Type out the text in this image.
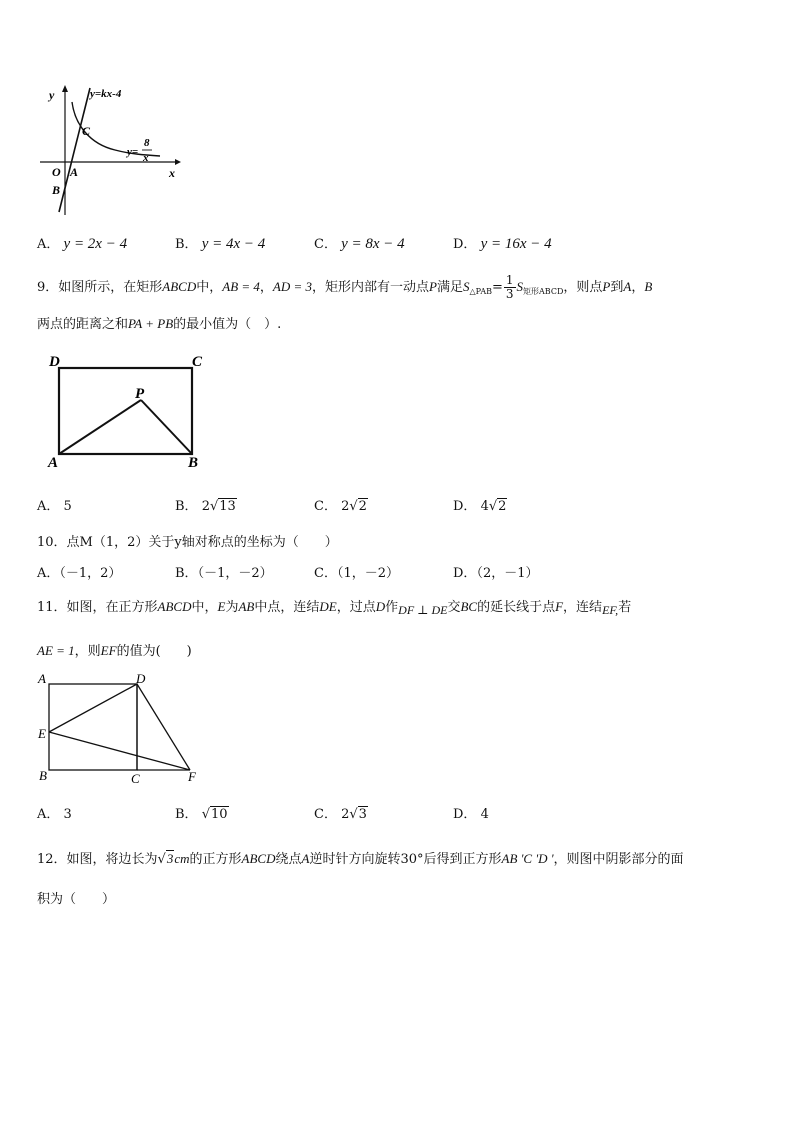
y	y=kx-4
C
y=
8
x
O A
B
x
A． y = 2x − 4	B． y = 4x − 4	C． y = 8x − 4	D． y = 16x − 4
9．如图所示，在矩形ABCD中，AB = 4，AD = 3，矩形内部有一动点P满足$S_{\triangle PAB}= \frac{1}{3} S_{矩形ABCD}$，则点P到A，B
两点的距离之和PA + PB的最小值为（　）.
D	C
P
A	B
A． 5	B． 2√13	C． 2√2	D． 4√2
10．点M（1，2）关于y轴对称点的坐标为（　　）
A．（－1，2）	B．（－1，－2）	C．（1，－2）	D．（2，－1）
11．如图，在正方形ABCD中，E为AB中点，连结DE，过点D作DF ⊥ DE交BC的延长线于点F，连结EF,若
AE = 1，则EF的值为(　　)
A	D
E
B	C	F
A． 3	B． √10	C． 2√3	D． 4
12．如图，将边长为√3cm的正方形ABCD绕点A逆时针方向旋转30°后得到正方形AB 'C 'D '，则图中阴影部分的面
积为（　　）
